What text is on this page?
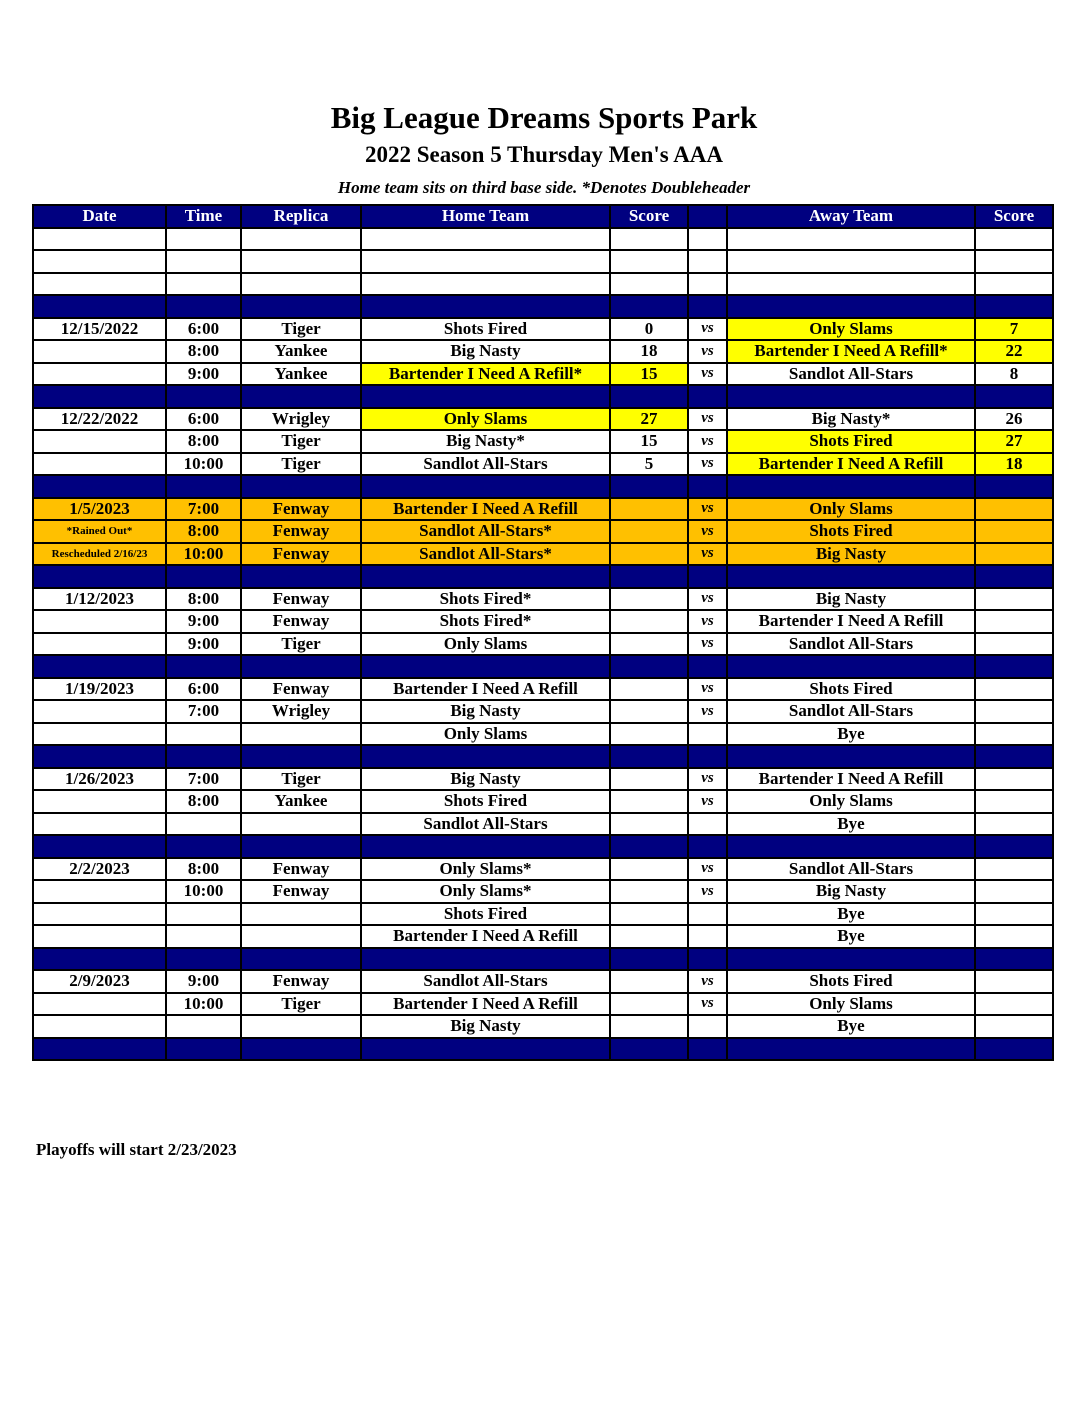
Big League Dreams Sports Park
2022 Season 5 Thursday Men's AAA
Home team sits on third base side. *Denotes Doubleheader
Date	Time	Replica	Home Team	Score		Away Team	Score

12/15/2022	6:00	Tiger	Shots Fired	0	vs	Only Slams	7
	8:00	Yankee	Big Nasty	18	vs	Bartender I Need A Refill*	22
	9:00	Yankee	Bartender I Need A Refill*	15	vs	Sandlot All-Stars	8

12/22/2022	6:00	Wrigley	Only Slams	27	vs	Big Nasty*	26
	8:00	Tiger	Big Nasty*	15	vs	Shots Fired	27
	10:00	Tiger	Sandlot All-Stars	5	vs	Bartender I Need A Refill	18

1/5/2023	7:00	Fenway	Bartender I Need A Refill		vs	Only Slams	
*Rained Out*	8:00	Fenway	Sandlot All-Stars*		vs	Shots Fired	
Rescheduled 2/16/23	10:00	Fenway	Sandlot All-Stars*		vs	Big Nasty	

1/12/2023	8:00	Fenway	Shots Fired*		vs	Big Nasty	
	9:00	Fenway	Shots Fired*		vs	Bartender I Need A Refill	
	9:00	Tiger	Only Slams		vs	Sandlot All-Stars	

1/19/2023	6:00	Fenway	Bartender I Need A Refill		vs	Shots Fired	
	7:00	Wrigley	Big Nasty		vs	Sandlot All-Stars	
			Only Slams			Bye	

1/26/2023	7:00	Tiger	Big Nasty		vs	Bartender I Need A Refill	
	8:00	Yankee	Shots Fired		vs	Only Slams	
			Sandlot All-Stars			Bye	

2/2/2023	8:00	Fenway	Only Slams*		vs	Sandlot All-Stars	
	10:00	Fenway	Only Slams*		vs	Big Nasty	
			Shots Fired			Bye	
			Bartender I Need A Refill			Bye	

2/9/2023	9:00	Fenway	Sandlot All-Stars		vs	Shots Fired	
	10:00	Tiger	Bartender I Need A Refill		vs	Only Slams	
			Big Nasty			Bye	

Playoffs will start 2/23/2023
